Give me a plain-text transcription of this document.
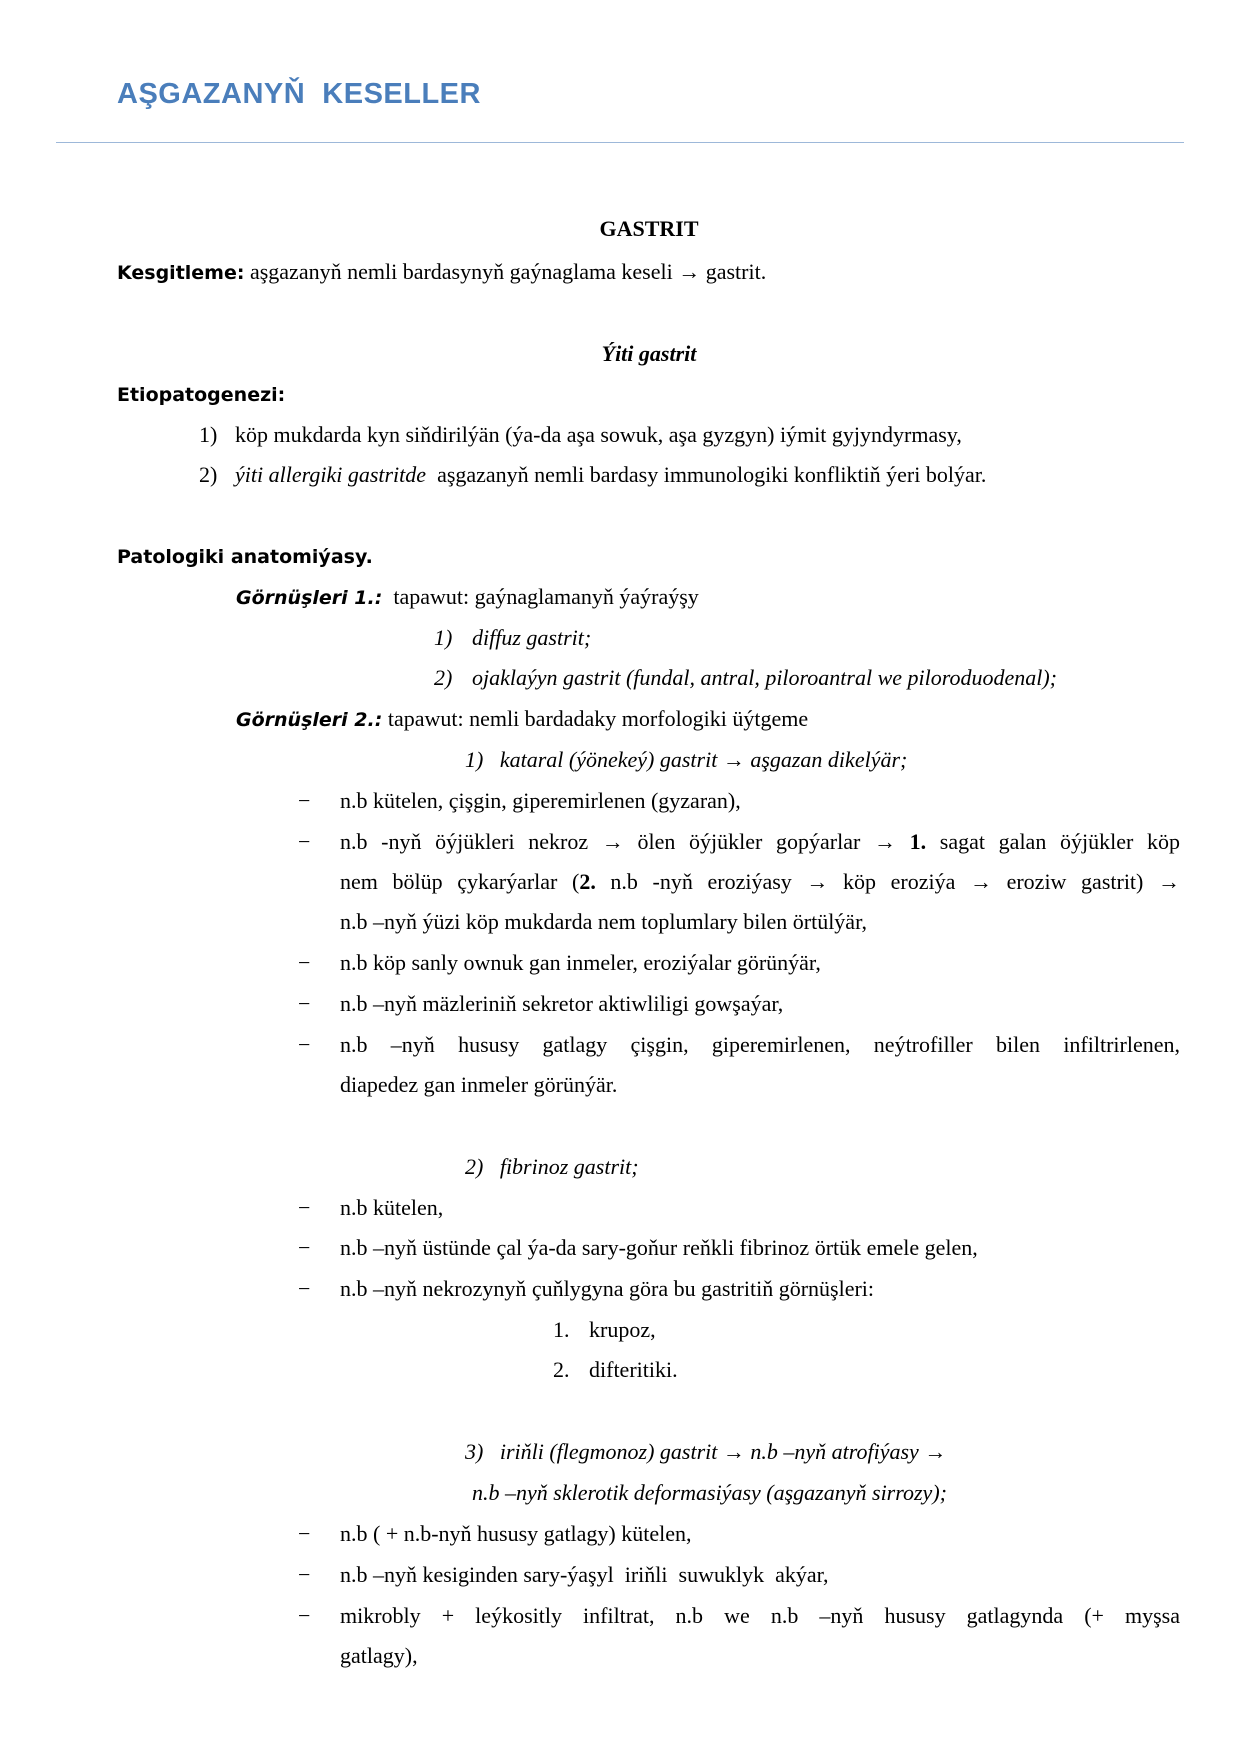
AŞGAZANYŇ  KESELLER
GASTRIT
Kesgitleme: aşgazanyň nemli bardasynyň gaýnaglama keseli → gastrit.
Ýiti gastrit
Etiopatogenezi:
1) köp mukdarda kyn siňdirilýän (ýa-da aşa sowuk, aşa gyzgyn) iýmit gyjyndyrmasy,
2) ýiti allergiki gastritde aşgazanyň nemli bardasy immunologiki konfliktiň ýeri bolýar.
Patologiki anatomiýasy.
Görnüşleri 1.: tapawut: gaýnaglamanyň ýaýraýşy
1) diffuz gastrit;
2) ojaklaýyn gastrit (fundal, antral, piloroantral we piloroduodenal);
Görnüşleri 2.: tapawut: nemli bardadaky morfologiki üýtgeme
1)   kataral (ýönekeý) gastrit → aşgazan dikelýär;
− n.b kütelen, çişgin, giperemirlenen (gyzaran),
− n.b -nyň öýjükleri nekroz → ölen öýjükler gopýarlar → 1. sagat galan öýjükler köp
nem bölüp çykarýarlar (2. n.b -nyň eroziýasy → köp eroziýa → eroziw gastrit) →
n.b –nyň ýüzi köp mukdarda nem toplumlary bilen örtülýär,
− n.b köp sanly ownuk gan inmeler, eroziýalar görünýär,
− n.b –nyň mäzleriniň sekretor aktiwliligi gowşaýar,
− n.b –nyň hususy gatlagy çişgin, giperemirlenen, neýtrofiller bilen infiltrirlenen,
diapedez gan inmeler görünýär.
2)   fibrinoz gastrit;
− n.b kütelen,
− n.b –nyň üstünde çal ýa-da sary-goňur reňkli fibrinoz örtük emele gelen,
− n.b –nyň nekrozynyň çuňlygyna göra bu gastritiň görnüşleri:
1. krupoz,
2. difteritiki.
3)   iriňli (flegmonoz) gastrit → n.b –nyň atrofiýasy →
n.b –nyň sklerotik deformasiýasy (aşgazanyň sirrozy);
− n.b ( + n.b-nyň hususy gatlagy) kütelen,
− n.b –nyň kesiginden sary-ýaşyl  iriňli  suwuklyk  akýar,
− mikrobly + leýkositly infiltrat, n.b we n.b –nyň hususy gatlagynda (+ myşsa
gatlagy),
